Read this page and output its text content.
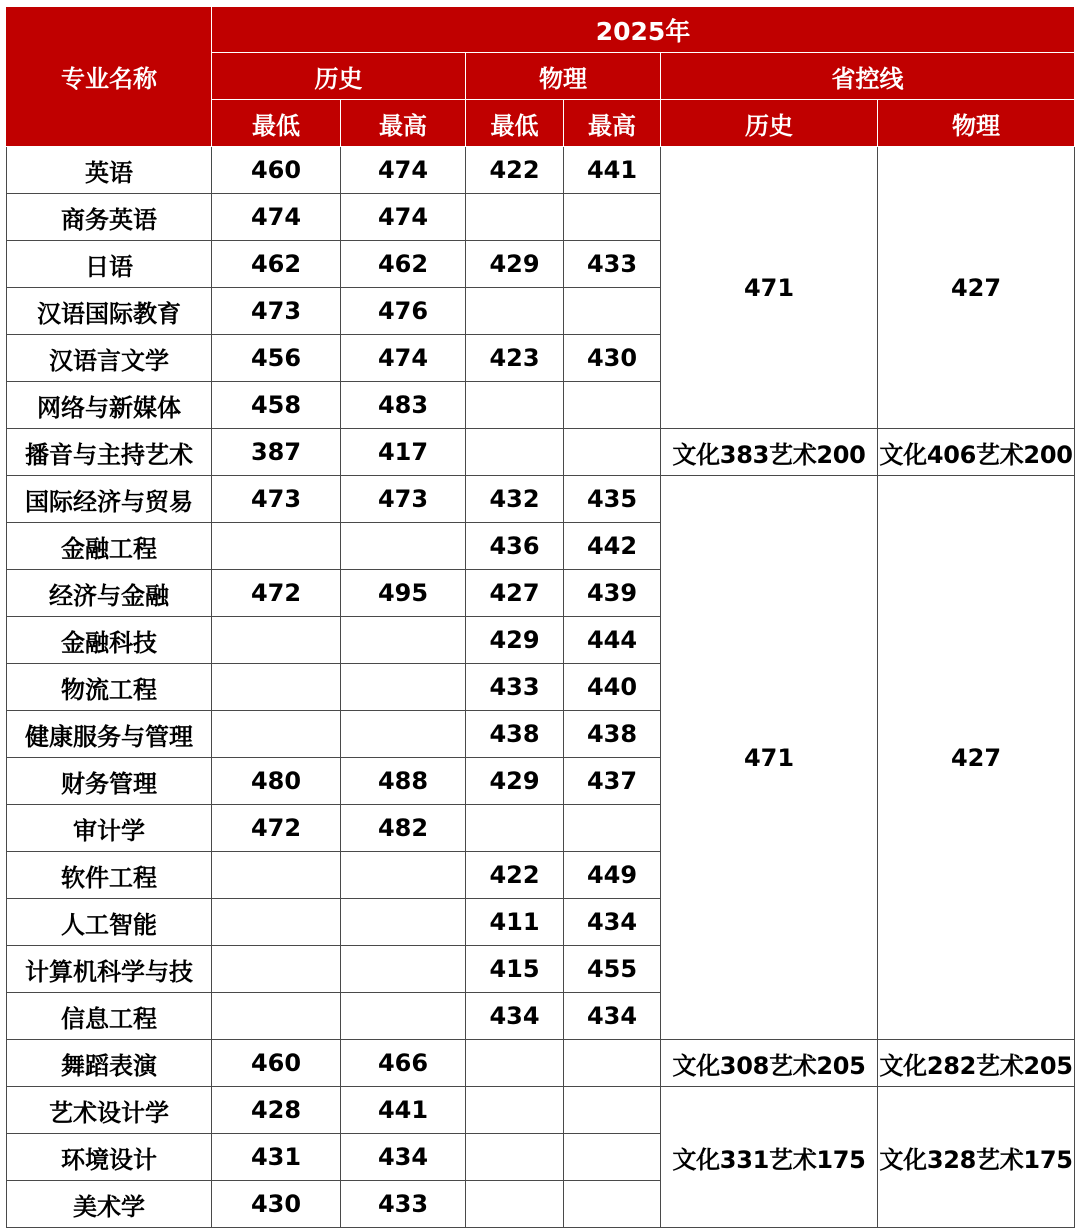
专业名称	2025年					
	历史		物理		省控线	
	最低	最高	最低	最高	历史	物理
英语	460	474	422	441	471	427
商务英语	474	474				
日语	462	462	429	433		
汉语国际教育	473	476				
汉语言文学	456	474	423	430		
网络与新媒体	458	483				
播音与主持艺术	387	417			文化383艺术200	文化406艺术200
国际经济与贸易	473	473	432	435	471	427
金融工程			436	442		
经济与金融	472	495	427	439		
金融科技			429	444		
物流工程			433	440		
健康服务与管理			438	438		
财务管理	480	488	429	437		
审计学	472	482				
软件工程			422	449		
人工智能			411	434		
计算机科学与技			415	455		
信息工程			434	434		
舞蹈表演	460	466			文化308艺术205	文化282艺术205
艺术设计学	428	441			文化331艺术175	文化328艺术175
环境设计	431	434				
美术学	430	433				
